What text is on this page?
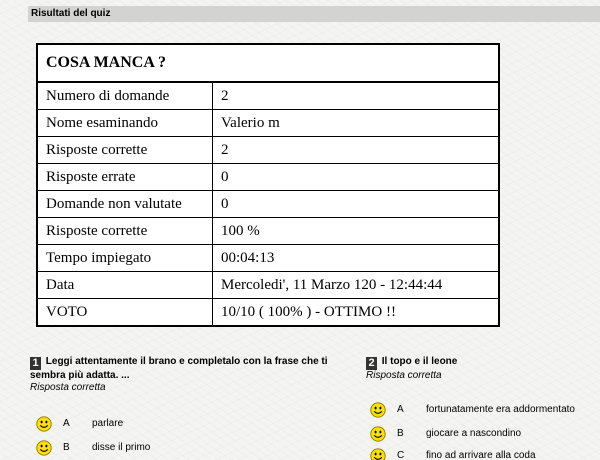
Risultati del quiz
COSA MANCA ?	
Numero di domande	2
Nome esaminando	Valerio m
Risposte corrette	2
Risposte errate	0
Domande non valutate	0
Risposte corrette	100 %
Tempo impiegato	00:04:13
Data	Mercoledi', 11 Marzo 120 - 12:44:44
VOTO	10/10 ( 100% ) - OTTIMO !!
1 Leggi attentamente il brano e completalo con la frase che ti sembra più adatta. ...
Risposta corretta
A parlare
B disse il primo
2 Il topo e il leone
Risposta corretta
A fortunatamente era addormentato
B giocare a nascondino
C fino ad arrivare alla coda
